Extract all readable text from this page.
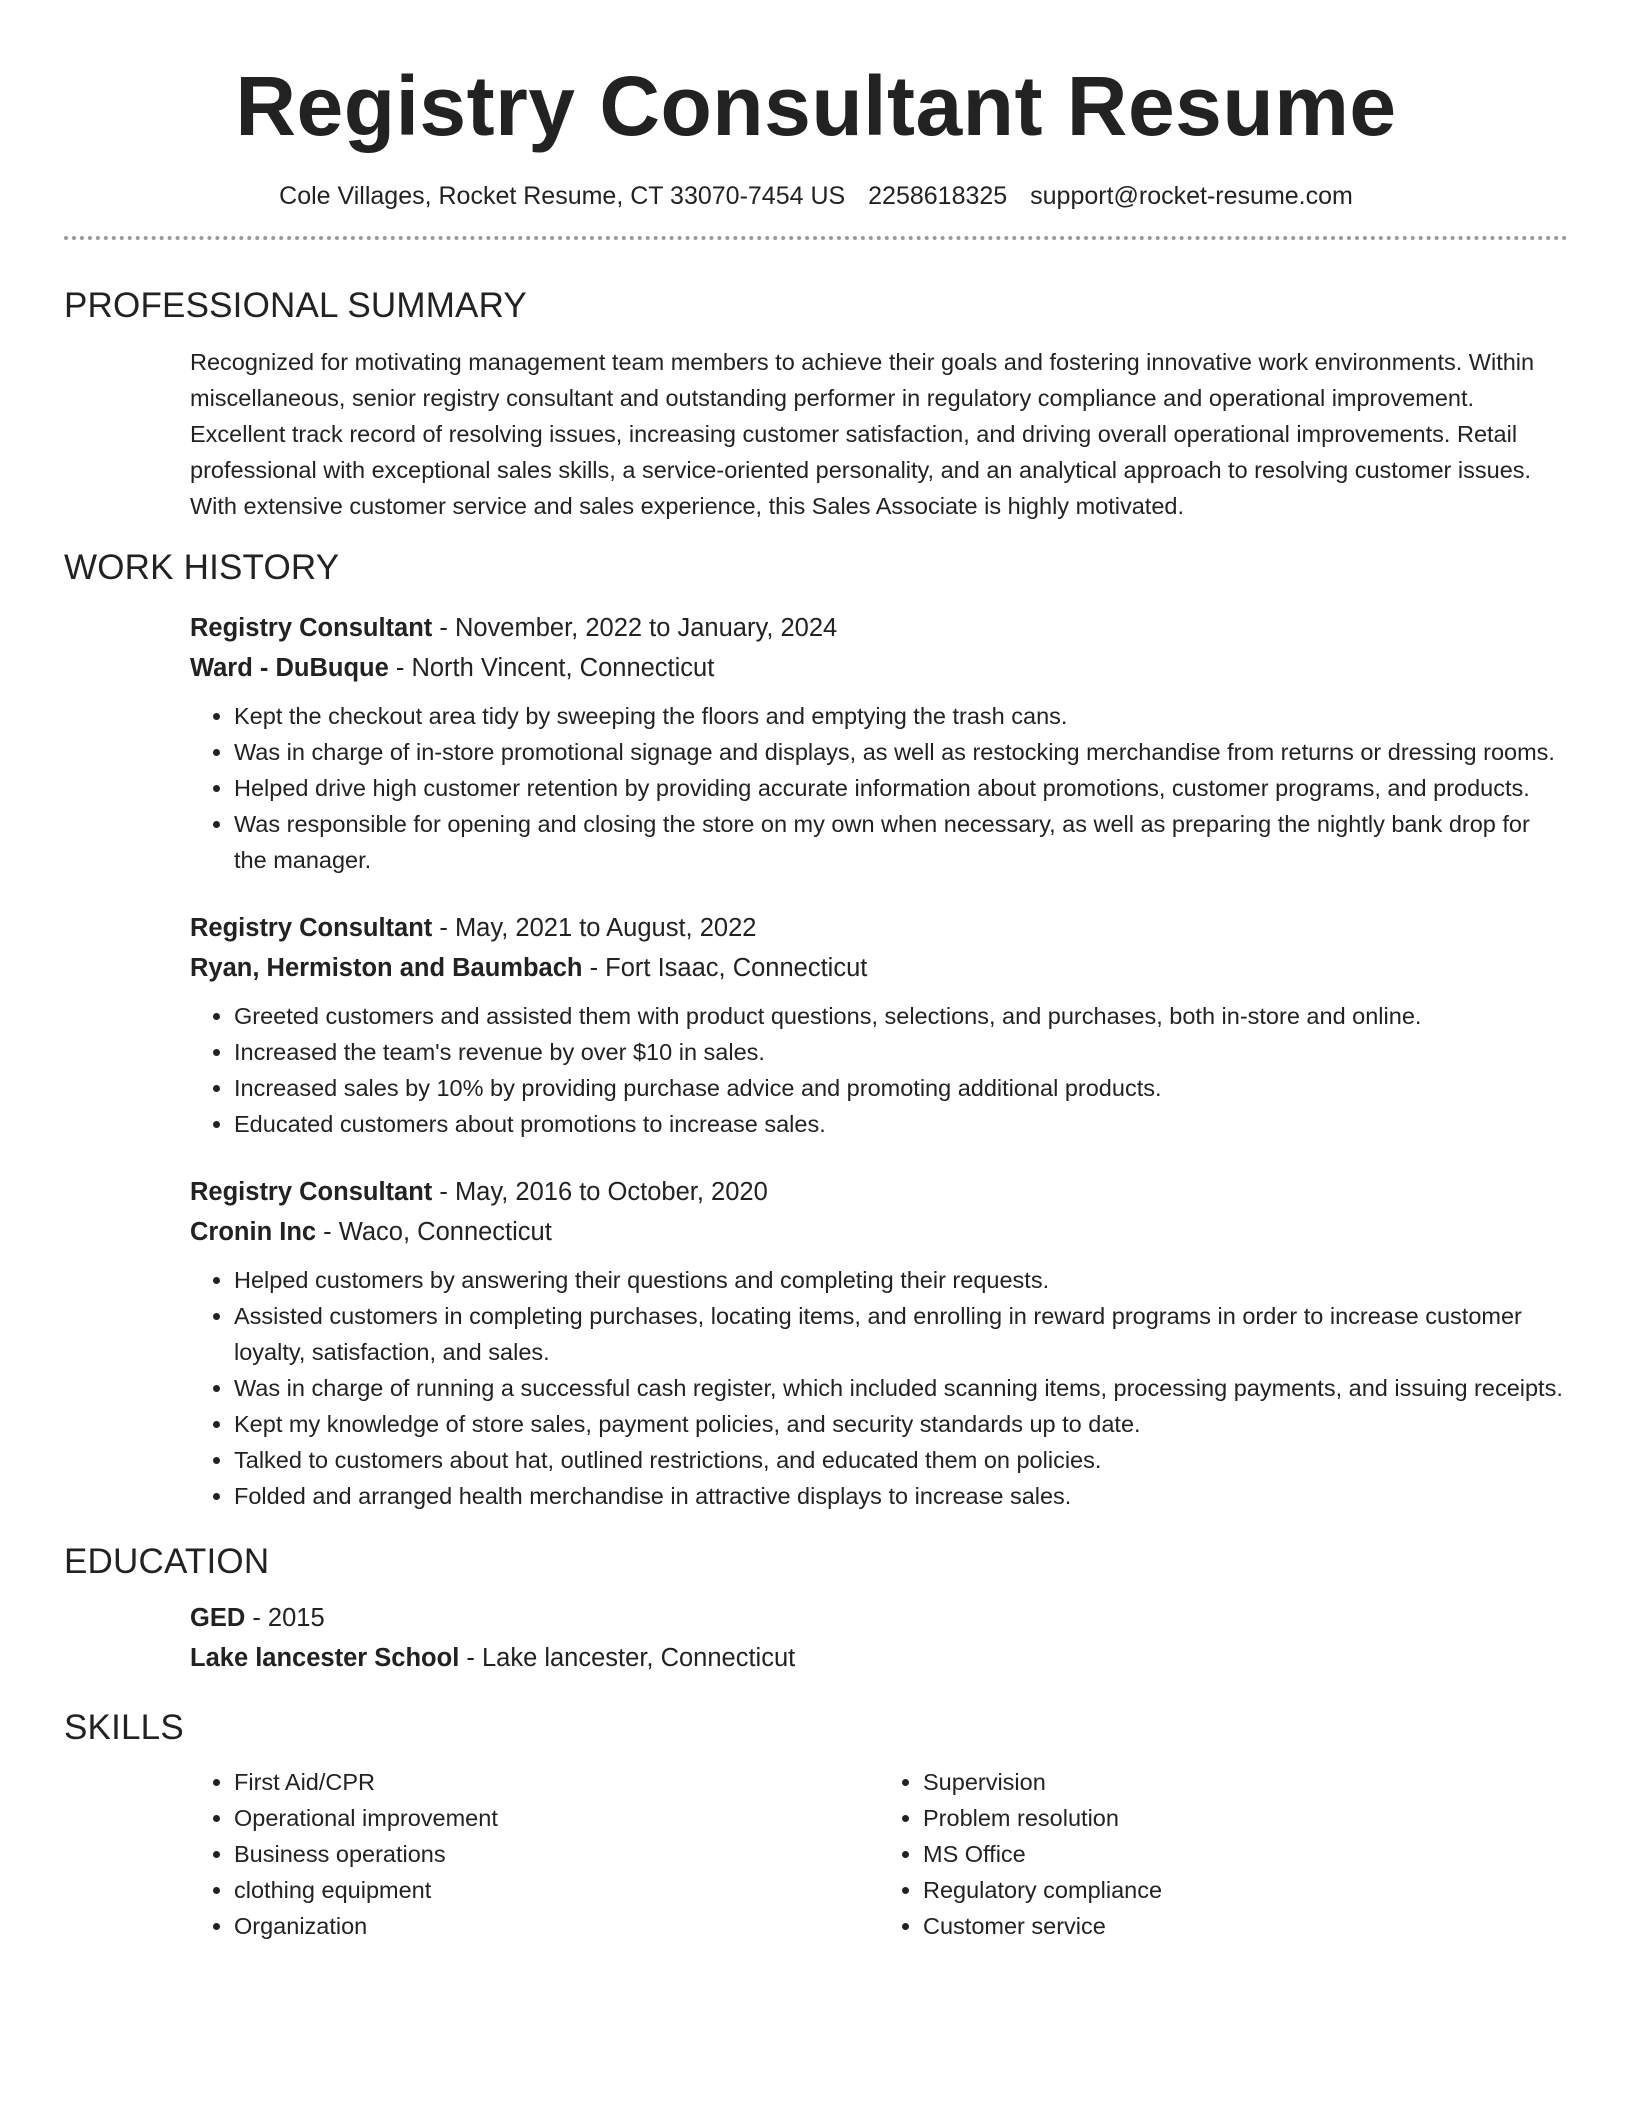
Registry Consultant Resume
Cole Villages, Rocket Resume, CT 33070-7454 US 2258618325 support@rocket-resume.com
PROFESSIONAL SUMMARY
Recognized for motivating management team members to achieve their goals and fostering innovative work environments. Within miscellaneous, senior registry consultant and outstanding performer in regulatory compliance and operational improvement. Excellent track record of resolving issues, increasing customer satisfaction, and driving overall operational improvements. Retail professional with exceptional sales skills, a service-oriented personality, and an analytical approach to resolving customer issues. With extensive customer service and sales experience, this Sales Associate is highly motivated.
WORK HISTORY
Registry Consultant - November, 2022 to January, 2024
Ward - DuBuque - North Vincent, Connecticut
• Kept the checkout area tidy by sweeping the floors and emptying the trash cans.
• Was in charge of in-store promotional signage and displays, as well as restocking merchandise from returns or dressing rooms.
• Helped drive high customer retention by providing accurate information about promotions, customer programs, and products.
• Was responsible for opening and closing the store on my own when necessary, as well as preparing the nightly bank drop for the manager.
Registry Consultant - May, 2021 to August, 2022
Ryan, Hermiston and Baumbach - Fort Isaac, Connecticut
• Greeted customers and assisted them with product questions, selections, and purchases, both in-store and online.
• Increased the team's revenue by over $10 in sales.
• Increased sales by 10% by providing purchase advice and promoting additional products.
• Educated customers about promotions to increase sales.
Registry Consultant - May, 2016 to October, 2020
Cronin Inc - Waco, Connecticut
• Helped customers by answering their questions and completing their requests.
• Assisted customers in completing purchases, locating items, and enrolling in reward programs in order to increase customer loyalty, satisfaction, and sales.
• Was in charge of running a successful cash register, which included scanning items, processing payments, and issuing receipts.
• Kept my knowledge of store sales, payment policies, and security standards up to date.
• Talked to customers about hat, outlined restrictions, and educated them on policies.
• Folded and arranged health merchandise in attractive displays to increase sales.
EDUCATION
GED - 2015
Lake lancester School - Lake lancester, Connecticut
SKILLS
• First Aid/CPR
• Operational improvement
• Business operations
• clothing equipment
• Organization
• Supervision
• Problem resolution
• MS Office
• Regulatory compliance
• Customer service
